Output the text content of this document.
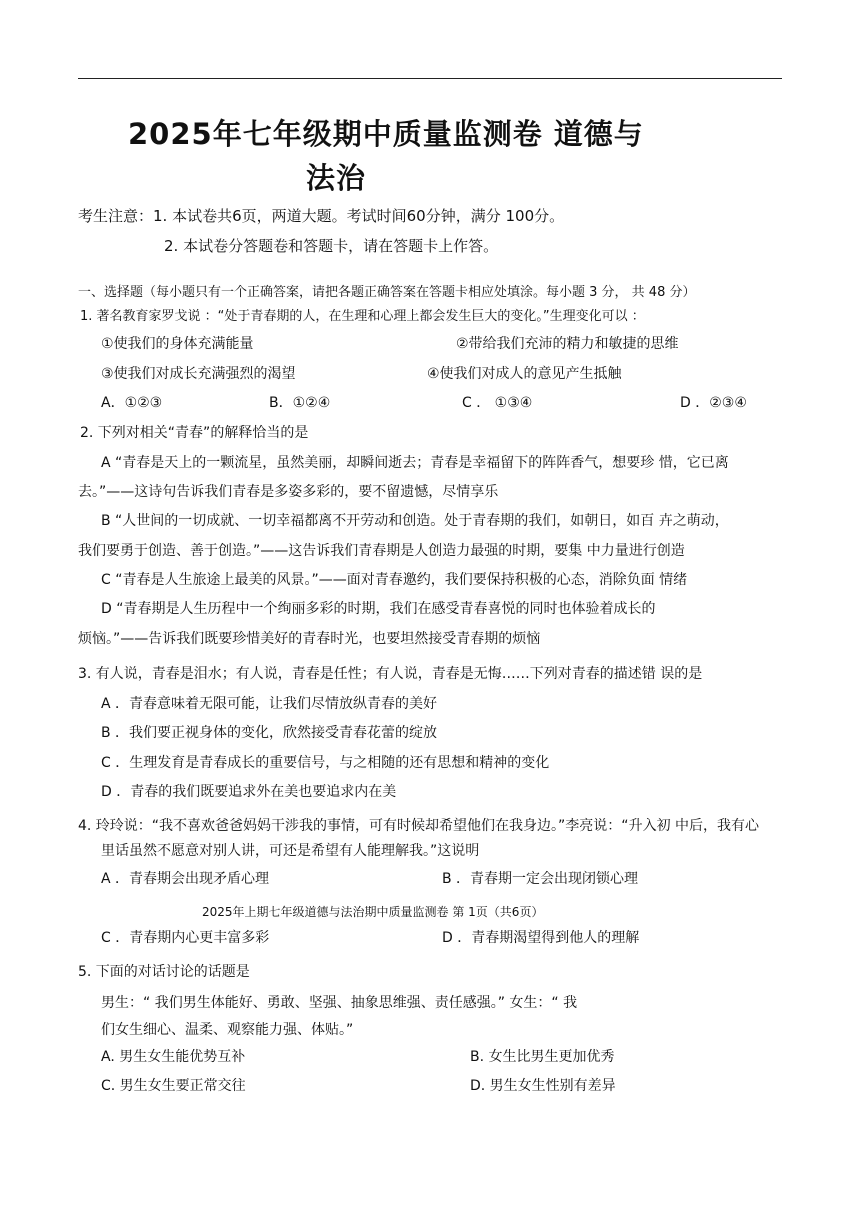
2025年七年级期中质量监测卷 道德与
法治
考生注意：1. 本试卷共6页，两道大题。考试时间60分钟，满分 100分。
2. 本试卷分答题卷和答题卡，请在答题卡上作答。
一、选择题（每小题只有一个正确答案，请把各题正确答案在答题卡相应处填涂。每小题 3 分， 共 48 分）
1. 著名教育家罗戈说 ：“处于青春期的人，在生理和心理上都会发生巨大的变化。”生理变化可以 ：
①使我们的身体充满能量	②带给我们充沛的精力和敏捷的思维
③使我们对成长充满强烈的渴望	④使我们对成人的意见产生抵触
A．①②③	B．①②④	C ． ①③④	D ．②③④
2. 下列对相关“青春”的解释恰当的是
A “青春是天上的一颗流星，虽然美丽，却瞬间逝去；青春是幸福留下的阵阵香气，想要珍 惜，它已离
去。”——这诗句告诉我们青春是多姿多彩的，要不留遗憾，尽情享乐
B “人世间的一切成就、一切幸福都离不开劳动和创造。处于青春期的我们，如朝日，如百 卉之萌动，
我们要勇于创造、善于创造。”——这告诉我们青春期是人创造力最强的时期，要集 中力量进行创造
C “青春是人生旅途上最美的风景。”——面对青春邀约，我们要保持积极的心态，消除负面 情绪
D “青春期是人生历程中一个绚丽多彩的时期，我们在感受青春喜悦的同时也体验着成长的
烦恼。”——告诉我们既要珍惜美好的青春时光，也要坦然接受青春期的烦恼
3. 有人说，青春是泪水；有人说，青春是任性；有人说，青春是无悔……下列对青春的描述错 误的是
A ．青春意味着无限可能，让我们尽情放纵青春的美好
B ．我们要正视身体的变化，欣然接受青春花蕾的绽放
C ．生理发育是青春成长的重要信号，与之相随的还有思想和精神的变化
D ．青春的我们既要追求外在美也要追求内在美
4. 玲玲说：“我不喜欢爸爸妈妈干涉我的事情，可有时候却希望他们在我身边。”李亮说：“升入初 中后，我有心
里话虽然不愿意对别人讲，可还是希望有人能理解我。”这说明
A ．青春期会出现矛盾心理	B ．青春期一定会出现闭锁心理
2025年上期七年级道德与法治期中质量监测卷 第 1页（共6页）
C ．青春期内心更丰富多彩	D ．青春期渴望得到他人的理解
5. 下面的对话讨论的话题是
男生：“ 我们男生体能好、勇敢、坚强、抽象思维强、责任感强。” 女生：“ 我
们女生细心、温柔、观察能力强、体贴。”
A. 男生女生能优势互补	B. 女生比男生更加优秀
C. 男生女生要正常交往	D. 男生女生性别有差异
